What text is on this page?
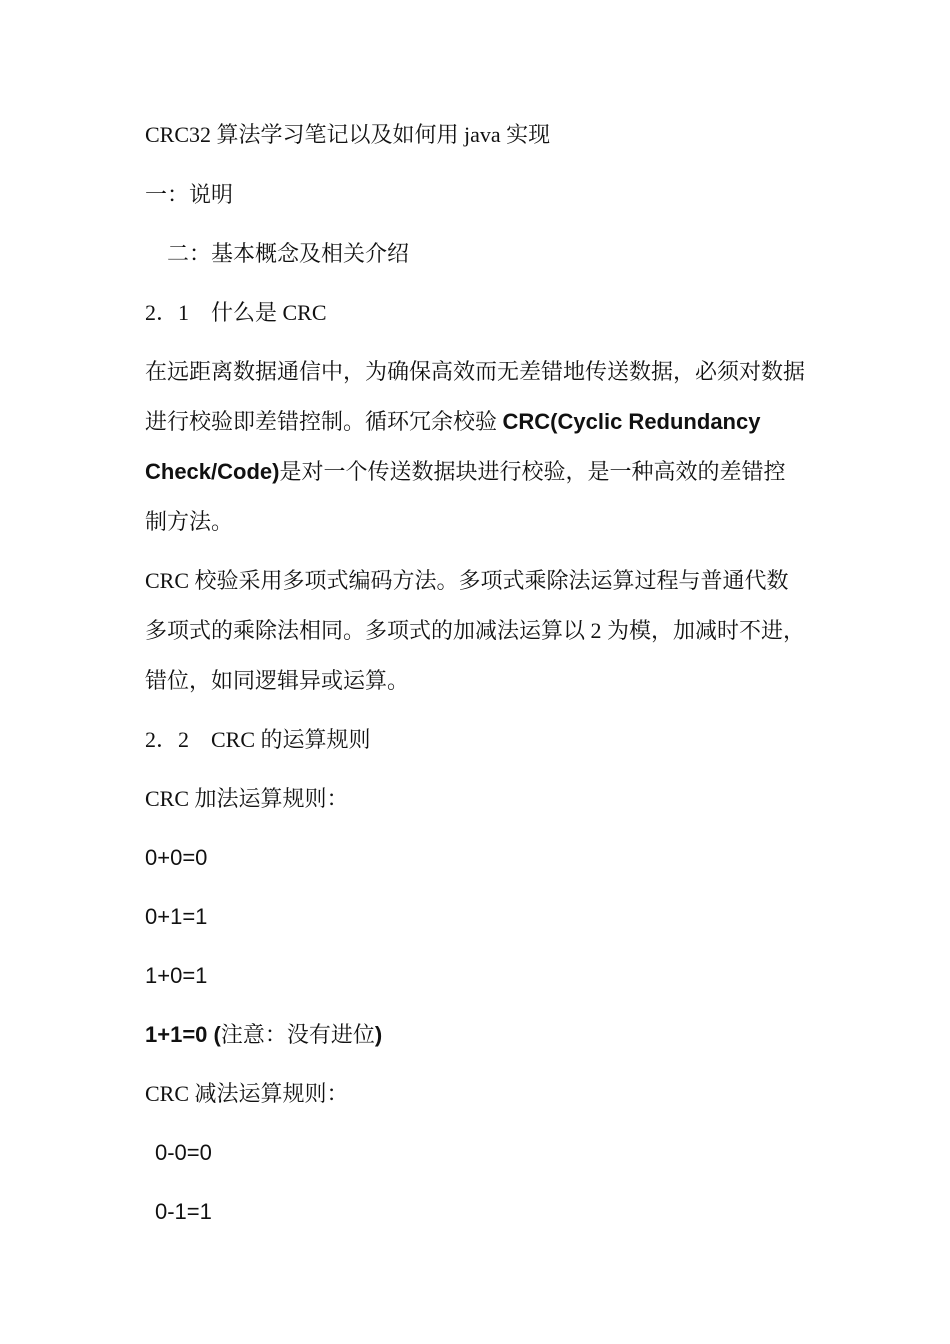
CRC32 算法学习笔记以及如何用 java 实现
一：说明
二：基本概念及相关介绍
2．1　什么是 CRC
在远距离数据通信中，为确保高效而无差错地传送数据，必须对数据
进行校验即差错控制。循环冗余校验 CRC(Cyclic Redundancy
Check/Code)是对一个传送数据块进行校验，是一种高效的差错控
制方法。
CRC 校验采用多项式编码方法。多项式乘除法运算过程与普通代数
多项式的乘除法相同。多项式的加减法运算以 2 为模，加减时不进，
错位，如同逻辑异或运算。
2．2　CRC 的运算规则
CRC 加法运算规则：
0+0=0
0+1=1
1+0=1
1+1=0 (注意：没有进位)
CRC 减法运算规则：
0-0=0
0-1=1
